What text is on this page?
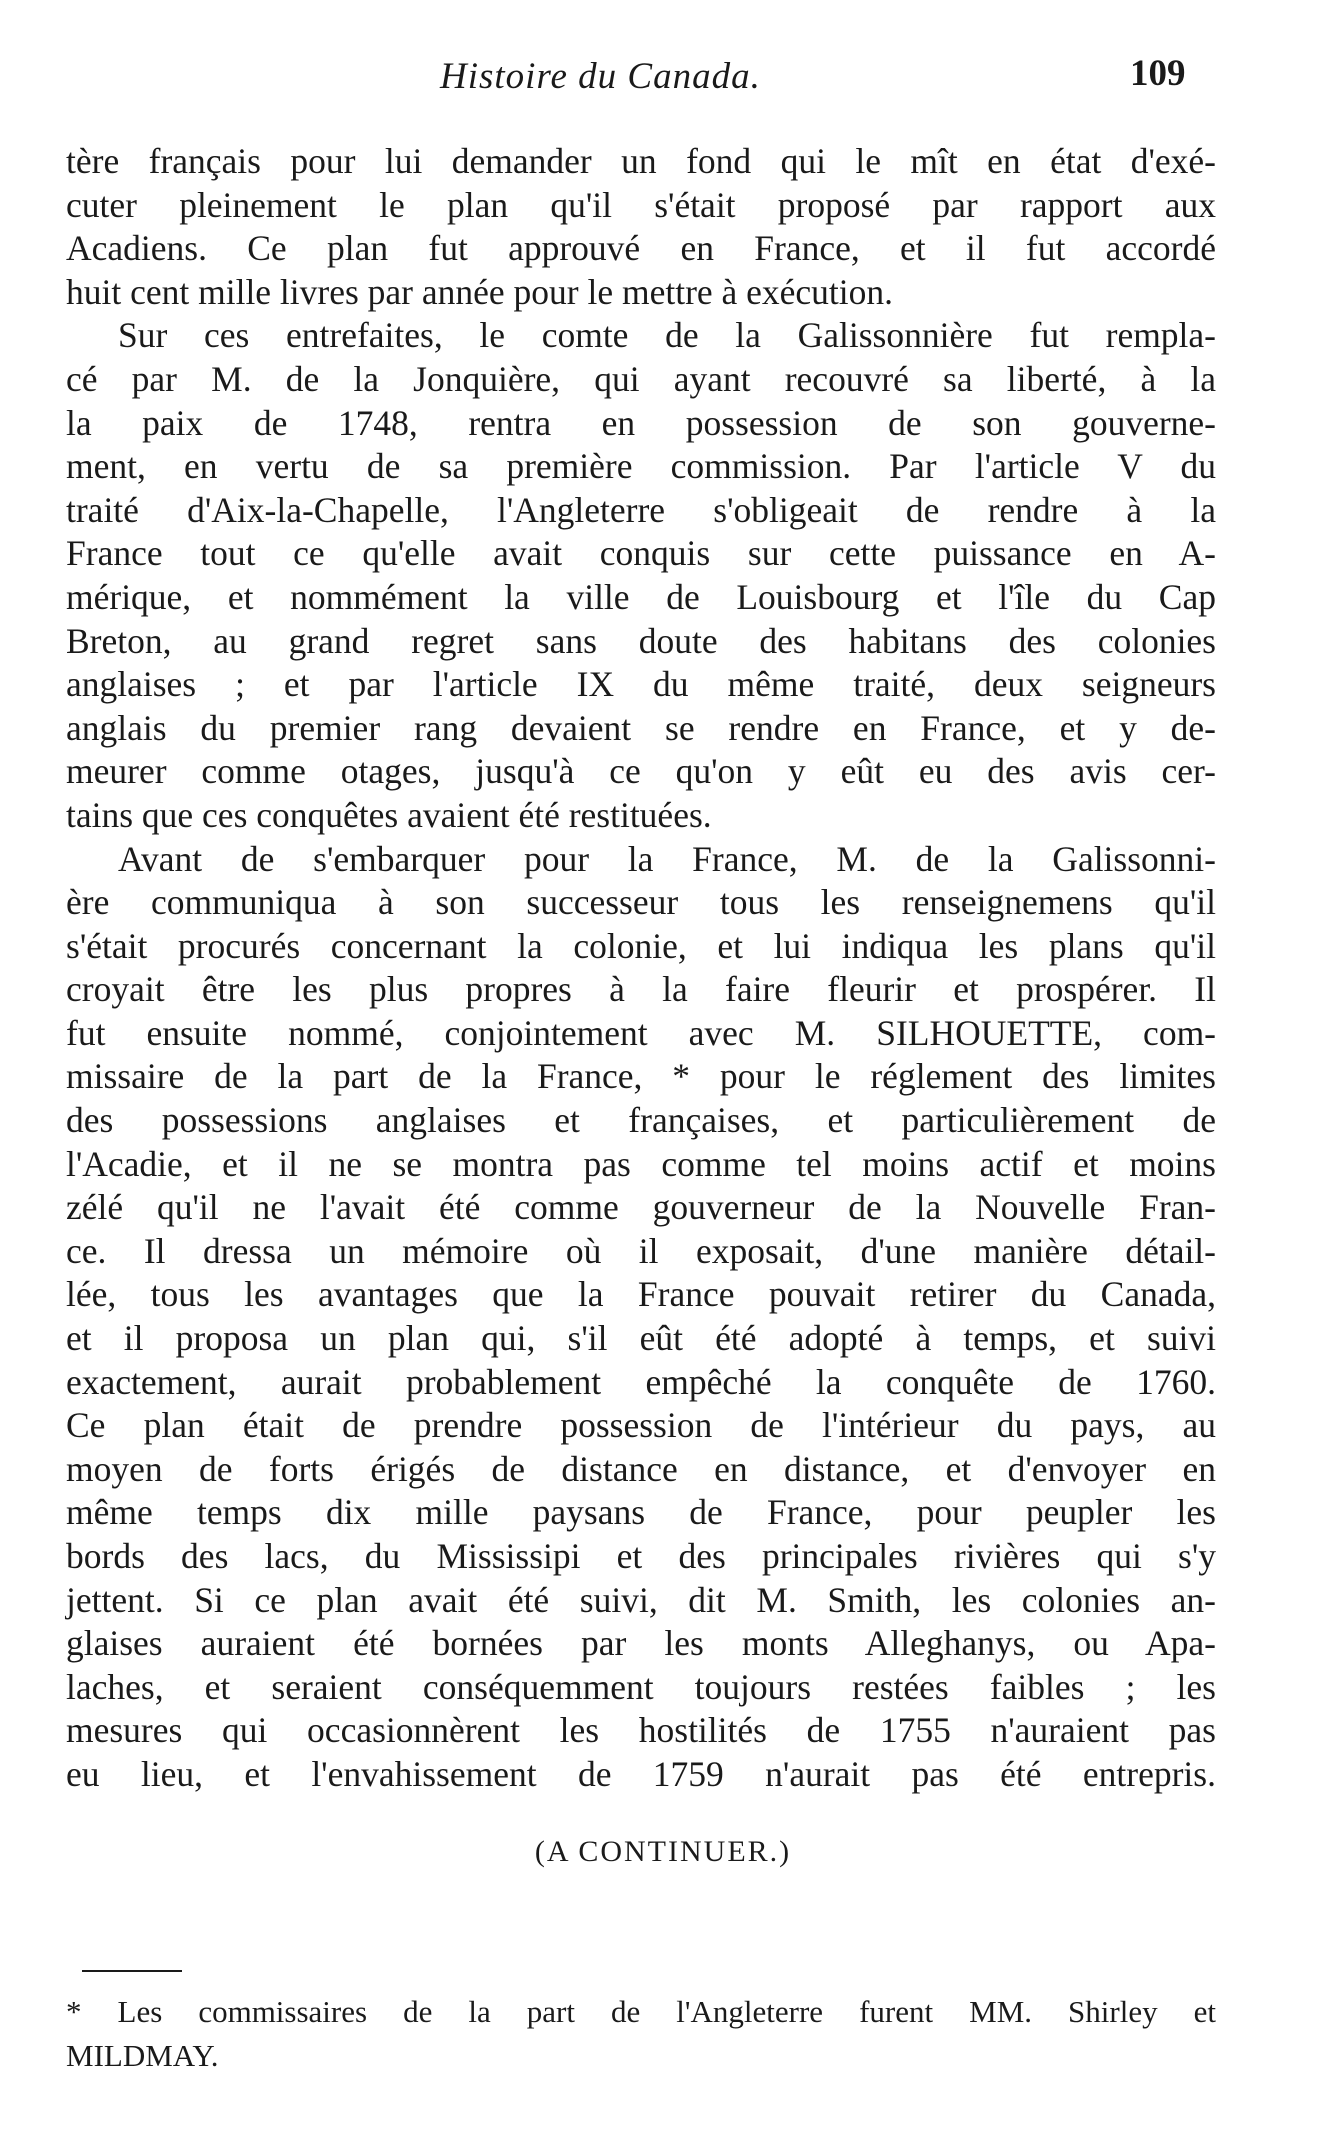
Histoire du Canada.	109
tère français pour lui demander un fond qui le mît en état d'exé-
cuter pleinement le plan qu'il s'était proposé par rapport aux
Acadiens. Ce plan fut approuvé en France, et il fut accordé
huit cent mille livres par année pour le mettre à exécution.
Sur ces entrefaites, le comte de la Galissonnière fut rempla-
cé par M. de la Jonquière, qui ayant recouvré sa liberté, à la
la paix de 1748, rentra en possession de son gouverne-
ment, en vertu de sa première commission. Par l'article V du
traité d'Aix-la-Chapelle, l'Angleterre s'obligeait de rendre à la
France tout ce qu'elle avait conquis sur cette puissance en A-
mérique, et nommément la ville de Louisbourg et l'île du Cap
Breton, au grand regret sans doute des habitans des colonies
anglaises ; et par l'article IX du même traité, deux seigneurs
anglais du premier rang devaient se rendre en France, et y de-
meurer comme otages, jusqu'à ce qu'on y eût eu des avis cer-
tains que ces conquêtes avaient été restituées.
Avant de s'embarquer pour la France, M. de la Galissonni-
ère communiqua à son successeur tous les renseignemens qu'il
s'était procurés concernant la colonie, et lui indiqua les plans qu'il
croyait être les plus propres à la faire fleurir et prospérer. Il
fut ensuite nommé, conjointement avec M. SILHOUETTE, com-
missaire de la part de la France, * pour le réglement des limites
des possessions anglaises et françaises, et particulièrement de
l'Acadie, et il ne se montra pas comme tel moins actif et moins
zélé qu'il ne l'avait été comme gouverneur de la Nouvelle Fran-
ce. Il dressa un mémoire où il exposait, d'une manière détail-
lée, tous les avantages que la France pouvait retirer du Canada,
et il proposa un plan qui, s'il eût été adopté à temps, et suivi
exactement, aurait probablement empêché la conquête de 1760.
Ce plan était de prendre possession de l'intérieur du pays, au
moyen de forts érigés de distance en distance, et d'envoyer en
même temps dix mille paysans de France, pour peupler les
bords des lacs, du Mississipi et des principales rivières qui s'y
jettent. Si ce plan avait été suivi, dit M. Smith, les colonies an-
glaises auraient été bornées par les monts Alleghanys, ou Apa-
laches, et seraient conséquemment toujours restées faibles ; les
mesures qui occasionnèrent les hostilités de 1755 n'auraient pas
eu lieu, et l'envahissement de 1759 n'aurait pas été entrepris.
(A CONTINUER.)
* Les commissaires de la part de l'Angleterre furent MM. Shirley et
MILDMAY.
